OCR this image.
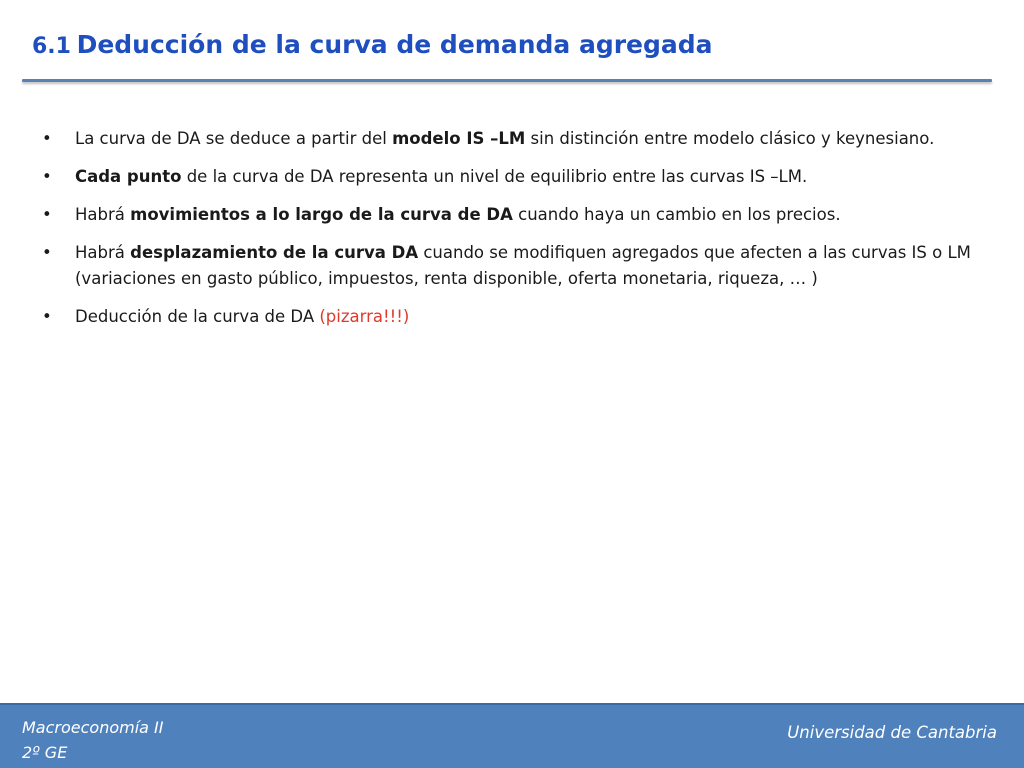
6.1 Deducción de la curva de demanda agregada
• La curva de DA se deduce a partir del modelo IS –LM sin distinción entre modelo clásico y keynesiano.
• Cada punto de la curva de DA representa un nivel de equilibrio entre las curvas IS –LM.
• Habrá movimientos a lo largo de la curva de DA cuando haya un cambio en los precios.
• Habrá desplazamiento de la curva DA cuando se modifiquen agregados que afecten a las curvas IS o LM (variaciones en gasto público, impuestos, renta disponible, oferta monetaria, riqueza, … )
• Deducción de la curva de DA (pizarra!!!)
Macroeconomía II
2º GE
Universidad de Cantabria
